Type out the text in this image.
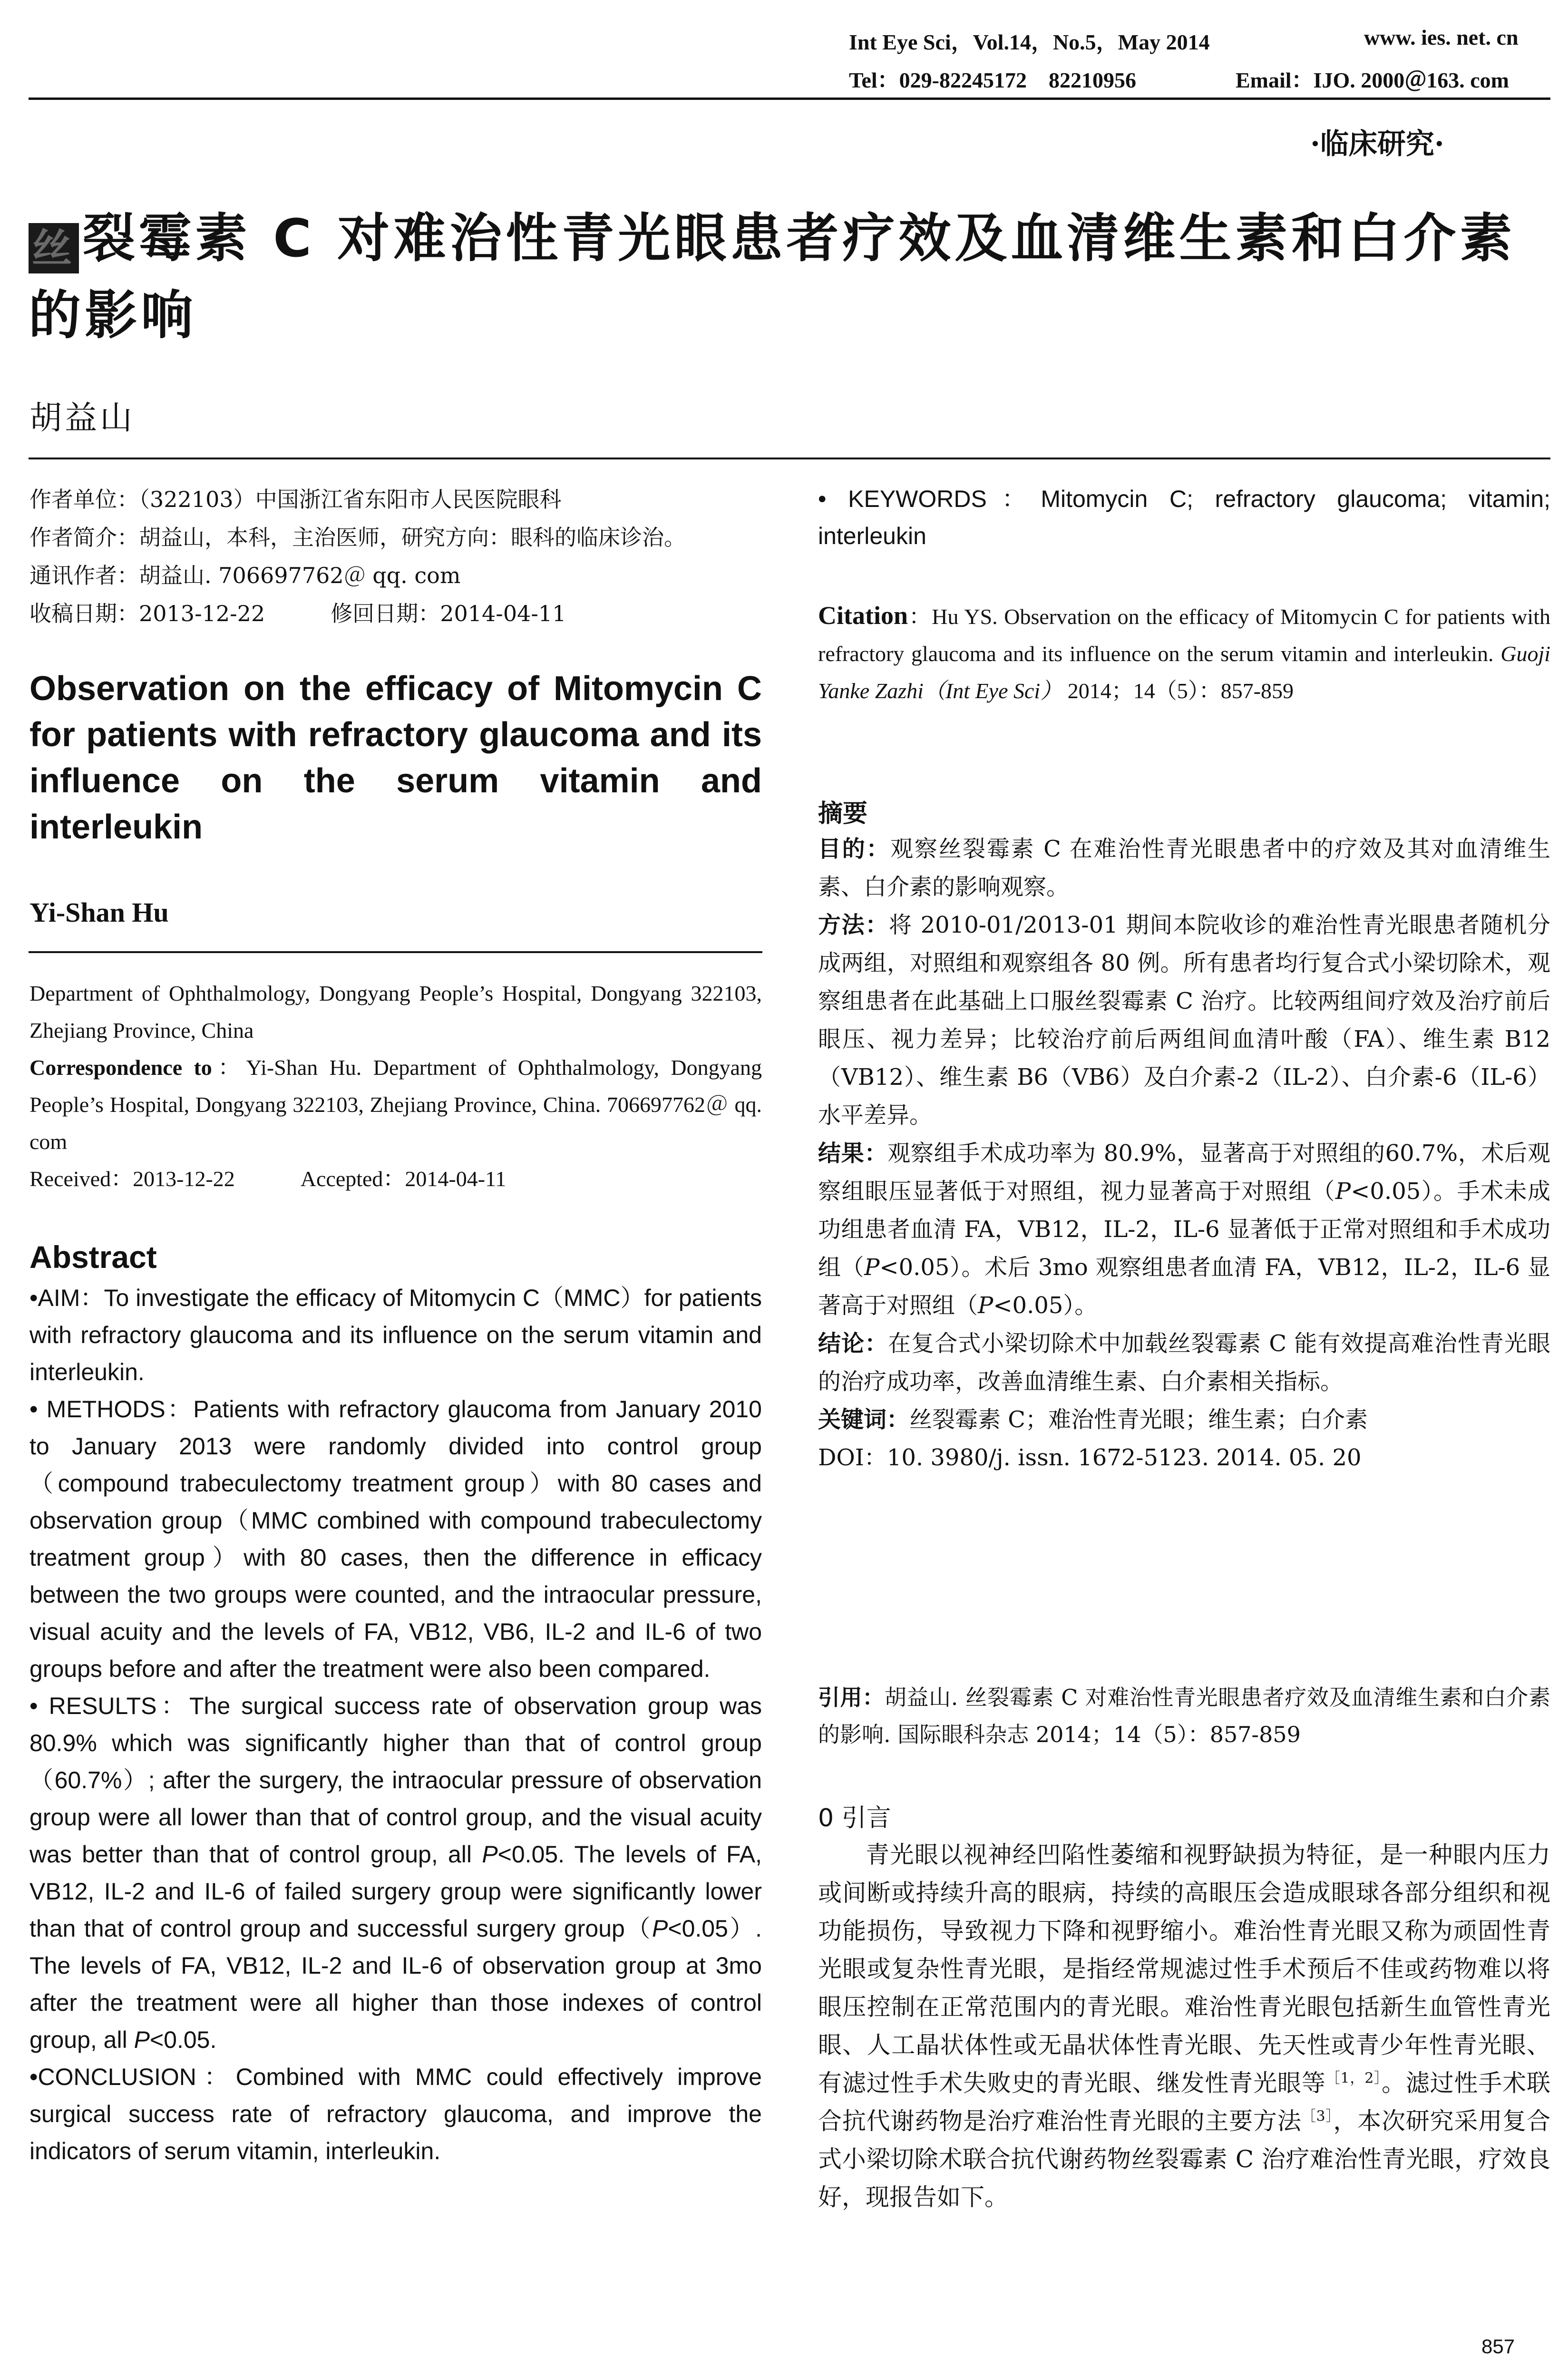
Int Eye Sci，Vol.14，No.5，May 2014	www. ies. net. cn
Tel：029-82245172　82210956	Email：IJO. 2000＠163. com
·临床研究·
丝 裂霉素 C 对难治性青光眼患者疗效及血清维生素和白介素的影响
胡益山
作者单位：（322103）中国浙江省东阳市人民医院眼科
作者简介：胡益山，本科，主治医师，研究方向：眼科的临床诊治。
通讯作者：胡益山. 706697762＠ qq. com
收稿日期：2013-12-22　　　修回日期：2014-04-11
Observation on the efficacy of Mitomycin C for patients with refractory glaucoma and its influence on the serum vitamin and interleukin
Yi-Shan Hu
Department of Ophthalmology, Dongyang People’s Hospital, Dongyang 322103, Zhejiang Province, China
Correspondence to：Yi-Shan Hu. Department of Ophthalmology, Dongyang People’s Hospital, Dongyang 322103, Zhejiang Province, China. 706697762＠ qq. com
Received：2013-12-22　　　Accepted：2014-04-11
Abstract

•AIM：To investigate the efficacy of Mitomycin C（MMC）for patients with refractory glaucoma and its influence on the serum vitamin and interleukin.

• METHODS：Patients with refractory glaucoma from January 2010 to January 2013 were randomly divided into control group（compound trabeculectomy treatment group）with 80 cases and observation group（MMC combined with compound trabeculectomy treatment group）with 80 cases, then the difference in efficacy between the two groups were counted, and the intraocular pressure, visual acuity and the levels of FA, VB12, VB6, IL-2 and IL-6 of two groups before and after the treatment were also been compared.

• RESULTS：The surgical success rate of observation group was 80.9% which was significantly higher than that of control group（60.7%）; after the surgery, the intraocular pressure of observation group were all lower than that of control group, and the visual acuity was better than that of control group, all P<0.05. The levels of FA, VB12, IL-2 and IL-6 of failed surgery group were significantly lower than that of control group and successful surgery group（P<0.05）. The levels of FA, VB12, IL-2 and IL-6 of observation group at 3mo after the treatment were all higher than those indexes of control group, all P<0.05.

•CONCLUSION：Combined with MMC could effectively improve surgical success rate of refractory glaucoma, and improve the indicators of serum vitamin, interleukin.

• KEYWORDS：Mitomycin C; refractory glaucoma; vitamin; interleukin
Citation：Hu YS. Observation on the efficacy of Mitomycin C for patients with refractory glaucoma and its influence on the serum vitamin and interleukin. Guoji Yanke Zazhi（Int Eye Sci） 2014；14（5）：857-859
摘要

目的：观察丝裂霉素 C 在难治性青光眼患者中的疗效及其对血清维生素、白介素的影响观察。

方法：将 2010-01/2013-01 期间本院收诊的难治性青光眼患者随机分成两组，对照组和观察组各 80 例。所有患者均行复合式小梁切除术，观察组患者在此基础上口服丝裂霉素 C 治疗。比较两组间疗效及治疗前后眼压、视力差异；比较治疗前后两组间血清叶酸（FA）、维生素 B12（VB12）、维生素 B6（VB6）及白介素-2（IL-2）、白介素-6（IL-6）水平差异。

结果：观察组手术成功率为 80.9%，显著高于对照组的60.7%，术后观察组眼压显著低于对照组，视力显著高于对照组（P<0.05）。手术未成功组患者血清 FA，VB12，IL-2，IL-6 显著低于正常对照组和手术成功组（P<0.05）。术后 3mo 观察组患者血清 FA，VB12，IL-2，IL-6 显著高于对照组（P<0.05）。

结论：在复合式小梁切除术中加载丝裂霉素 C 能有效提高难治性青光眼的治疗成功率，改善血清维生素、白介素相关指标。

关键词：丝裂霉素 C；难治性青光眼；维生素；白介素

DOI：10. 3980/j. issn. 1672-5123. 2014. 05. 20

引用：胡益山. 丝裂霉素 C 对难治性青光眼患者疗效及血清维生素和白介素的影响. 国际眼科杂志 2014；14（5）：857-859
0 引言
青光眼以视神经凹陷性萎缩和视野缺损为特征，是一种眼内压力或间断或持续升高的眼病，持续的高眼压会造成眼球各部分组织和视功能损伤，导致视力下降和视野缩小。难治性青光眼又称为顽固性青光眼或复杂性青光眼，是指经常规滤过性手术预后不佳或药物难以将眼压控制在正常范围内的青光眼。难治性青光眼包括新生血管性青光眼、人工晶状体性或无晶状体性青光眼、先天性或青少年性青光眼、有滤过性手术失败史的青光眼、继发性青光眼等$^{[1,2]}$。滤过性手术联合抗代谢药物是治疗难治性青光眼的主要方法$^{[3]}$，本次研究采用复合式小梁切除术联合抗代谢药物丝裂霉素 C 治疗难治性青光眼，疗效良好，现报告如下。
857
